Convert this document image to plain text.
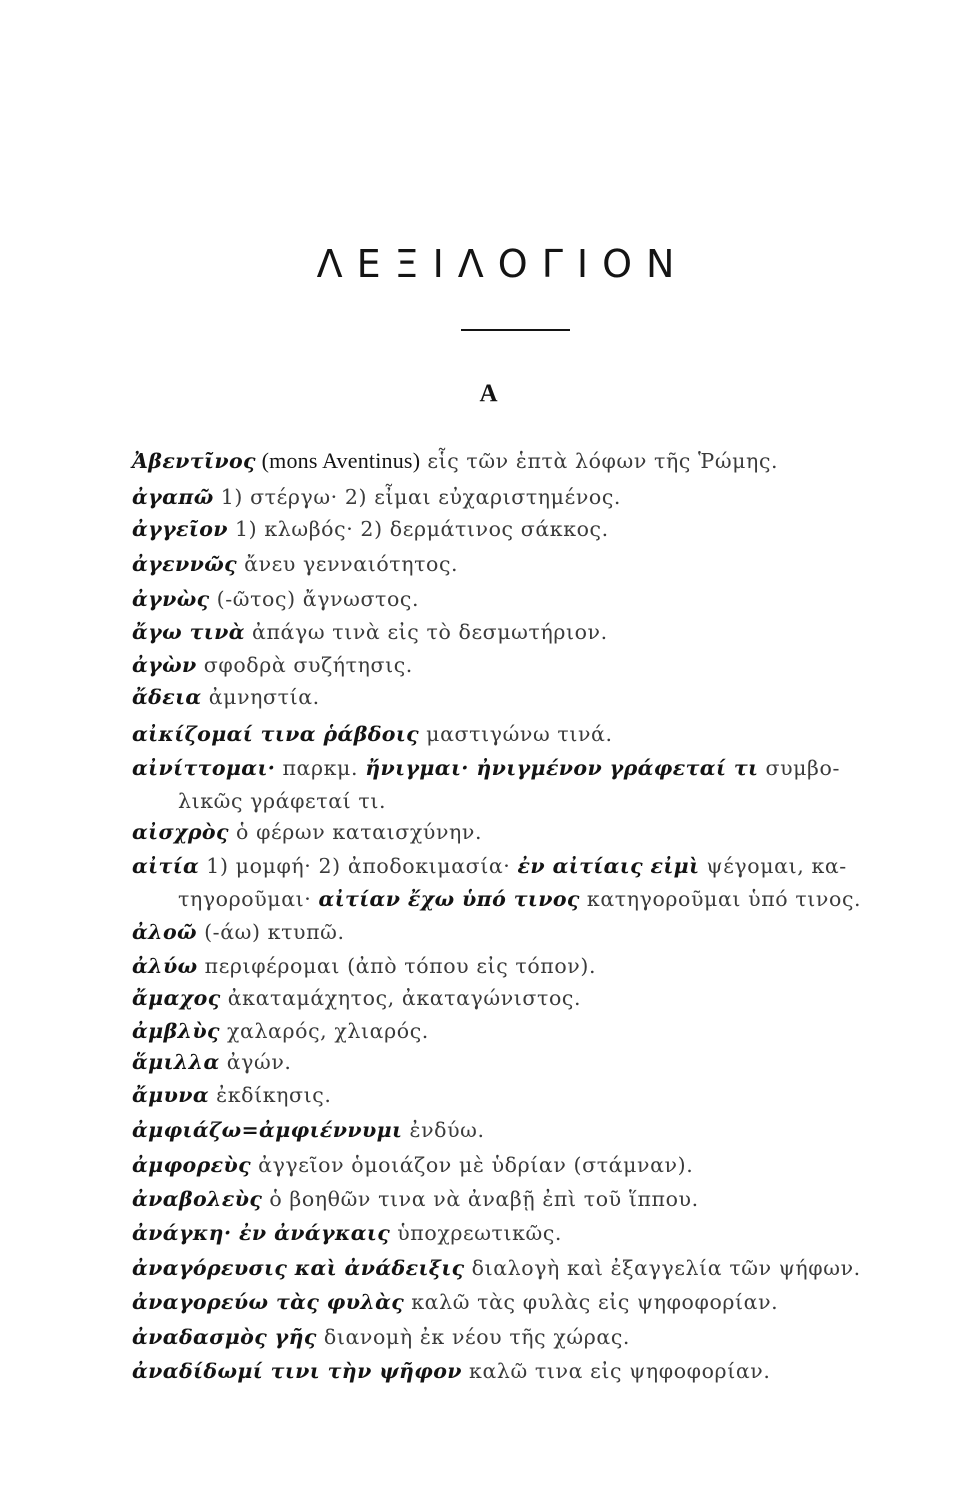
ΛΕΞΙΛΟΓΙΟΝ
Α
Ἀβεντῖνος (mons Aventinus) εἷς τῶν ἑπτὰ λόφων τῆς Ῥώμης.
ἀγαπῶ 1) στέργω· 2) εἶμαι εὐχαριστημένος.
ἀγγεῖον 1) κλωβός· 2) δερμάτινος σάκκος.
ἀγεννῶς ἄνευ γενναιότητος.
ἀγνὼς (-ῶτος) ἄγνωστος.
ἄγω τινὰ ἀπάγω τινὰ εἰς τὸ δεσμωτήριον.
ἀγὼν σφοδρὰ συζήτησις.
ἄδεια ἀμνηστία.
αἰκίζομαί τινα ῥάβδοις μαστιγώνω τινά.
αἰνίττομαι· παρκμ. ἤνιγμαι· ἠνιγμένον γράφεταί τι συμβο-
λικῶς γράφεταί τι.
αἰσχρὸς ὁ φέρων καταισχύνην.
αἰτία 1) μομφή· 2) ἀποδοκιμασία· ἐν αἰτίαις εἰμὶ ψέγομαι, κα-
τηγοροῦμαι· αἰτίαν ἔχω ὑπό τινος κατηγοροῦμαι ὑπό τινος.
ἀλοῶ (-άω) κτυπῶ.
ἀλύω περιφέρομαι (ἀπὸ τόπου εἰς τόπον).
ἄμαχος ἀκαταμάχητος, ἀκαταγώνιστος.
ἀμβλὺς χαλαρός, χλιαρός.
ἅμιλλα ἀγών.
ἄμυνα ἐκδίκησις.
ἀμφιάζω=ἀμφιέννυμι ἐνδύω.
ἀμφορεὺς ἀγγεῖον ὁμοιάζον μὲ ὑδρίαν (στάμναν).
ἀναβολεὺς ὁ βοηθῶν τινα νὰ ἀναβῇ ἐπὶ τοῦ ἵππου.
ἀνάγκη· ἐν ἀνάγκαις ὑποχρεωτικῶς.
ἀναγόρευσις καὶ ἀνάδειξις διαλογὴ καὶ ἐξαγγελία τῶν ψήφων.
ἀναγορεύω τὰς φυλὰς καλῶ τὰς φυλὰς εἰς ψηφοφορίαν.
ἀναδασμὸς γῆς διανομὴ ἐκ νέου τῆς χώρας.
ἀναδίδωμί τινι τὴν ψῆφον καλῶ τινα εἰς ψηφοφορίαν.
